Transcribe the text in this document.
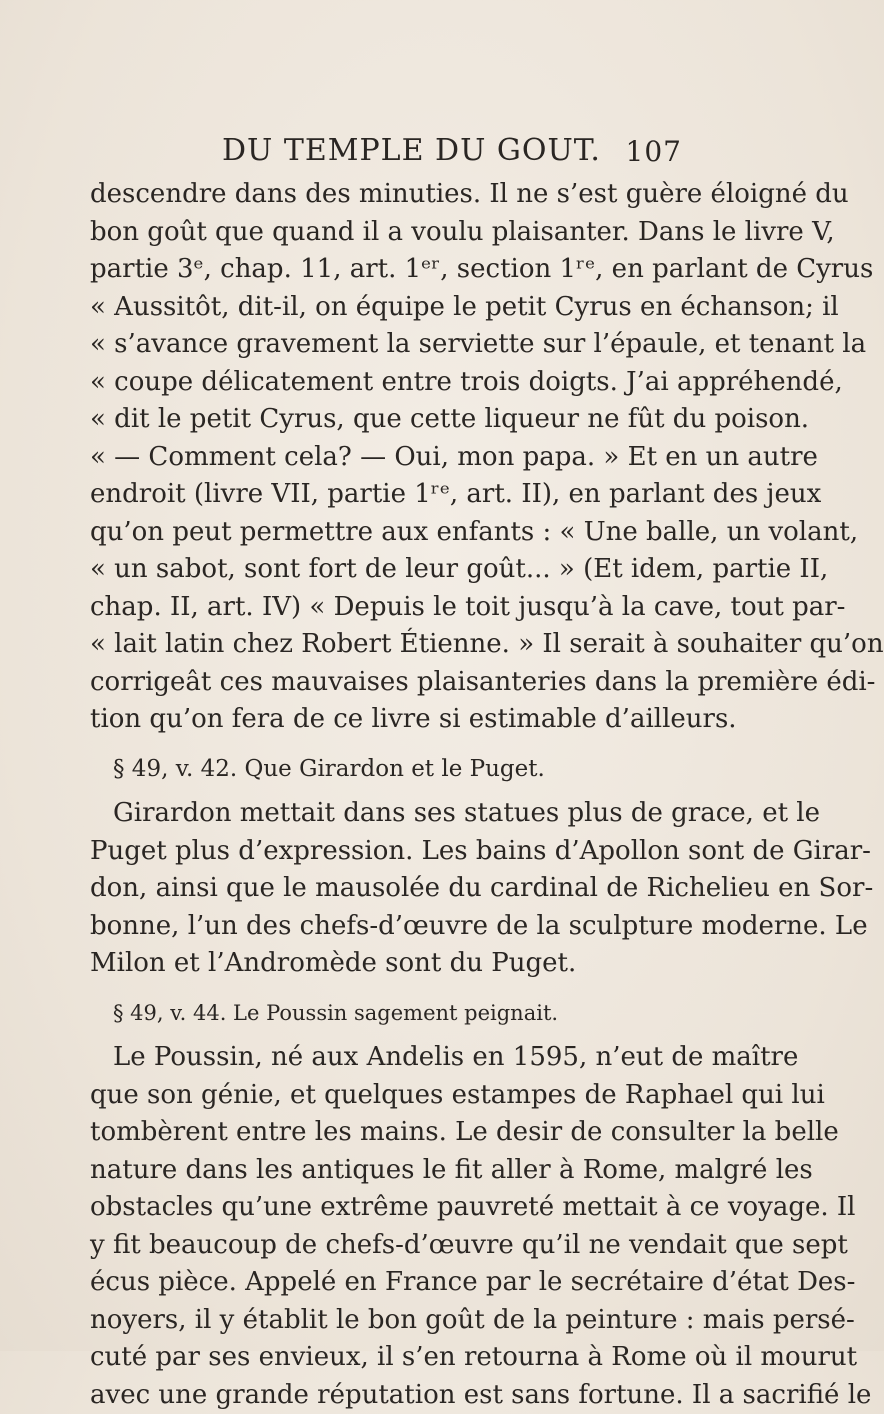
DU TEMPLE DU GOUT. 107
descendre dans des minuties. Il ne s’est guère éloigné du
bon goût que quand il a voulu plaisanter. Dans le livre V,
partie 3ᵉ, chap. 11, art. 1ᵉʳ, section 1ʳᵉ, en parlant de Cyrus
« Aussitôt, dit-il, on équipe le petit Cyrus en échanson; il
« s’avance gravement la serviette sur l’épaule, et tenant la
« coupe délicatement entre trois doigts. J’ai appréhendé,
« dit le petit Cyrus, que cette liqueur ne fût du poison.
« — Comment cela? — Oui, mon papa. » Et en un autre
endroit (livre VII, partie 1ʳᵉ, art. II), en parlant des jeux
qu’on peut permettre aux enfants : « Une balle, un volant,
« un sabot, sont fort de leur goût... » (Et idem, partie II,
chap. II, art. IV) « Depuis le toit jusqu’à la cave, tout par-
« lait latin chez Robert Étienne. » Il serait à souhaiter qu’on
corrigeât ces mauvaises plaisanteries dans la première édi-
tion qu’on fera de ce livre si estimable d’ailleurs.
§ 49, v. 42. Que Girardon et le Puget.
Girardon mettait dans ses statues plus de grace, et le
Puget plus d’expression. Les bains d’Apollon sont de Girar-
don, ainsi que le mausolée du cardinal de Richelieu en Sor-
bonne, l’un des chefs-d’œuvre de la sculpture moderne. Le
Milon et l’Andromède sont du Puget.
§ 49, v. 44. Le Poussin sagement peignait.
Le Poussin, né aux Andelis en 1595, n’eut de maître
que son génie, et quelques estampes de Raphael qui lui
tombèrent entre les mains. Le desir de consulter la belle
nature dans les antiques le fit aller à Rome, malgré les
obstacles qu’une extrême pauvreté mettait à ce voyage. Il
y fit beaucoup de chefs-d’œuvre qu’il ne vendait que sept
écus pièce. Appelé en France par le secrétaire d’état Des-
noyers, il y établit le bon goût de la peinture : mais persé-
cuté par ses envieux, il s’en retourna à Rome où il mourut
avec une grande réputation est sans fortune. Il a sacrifié le
